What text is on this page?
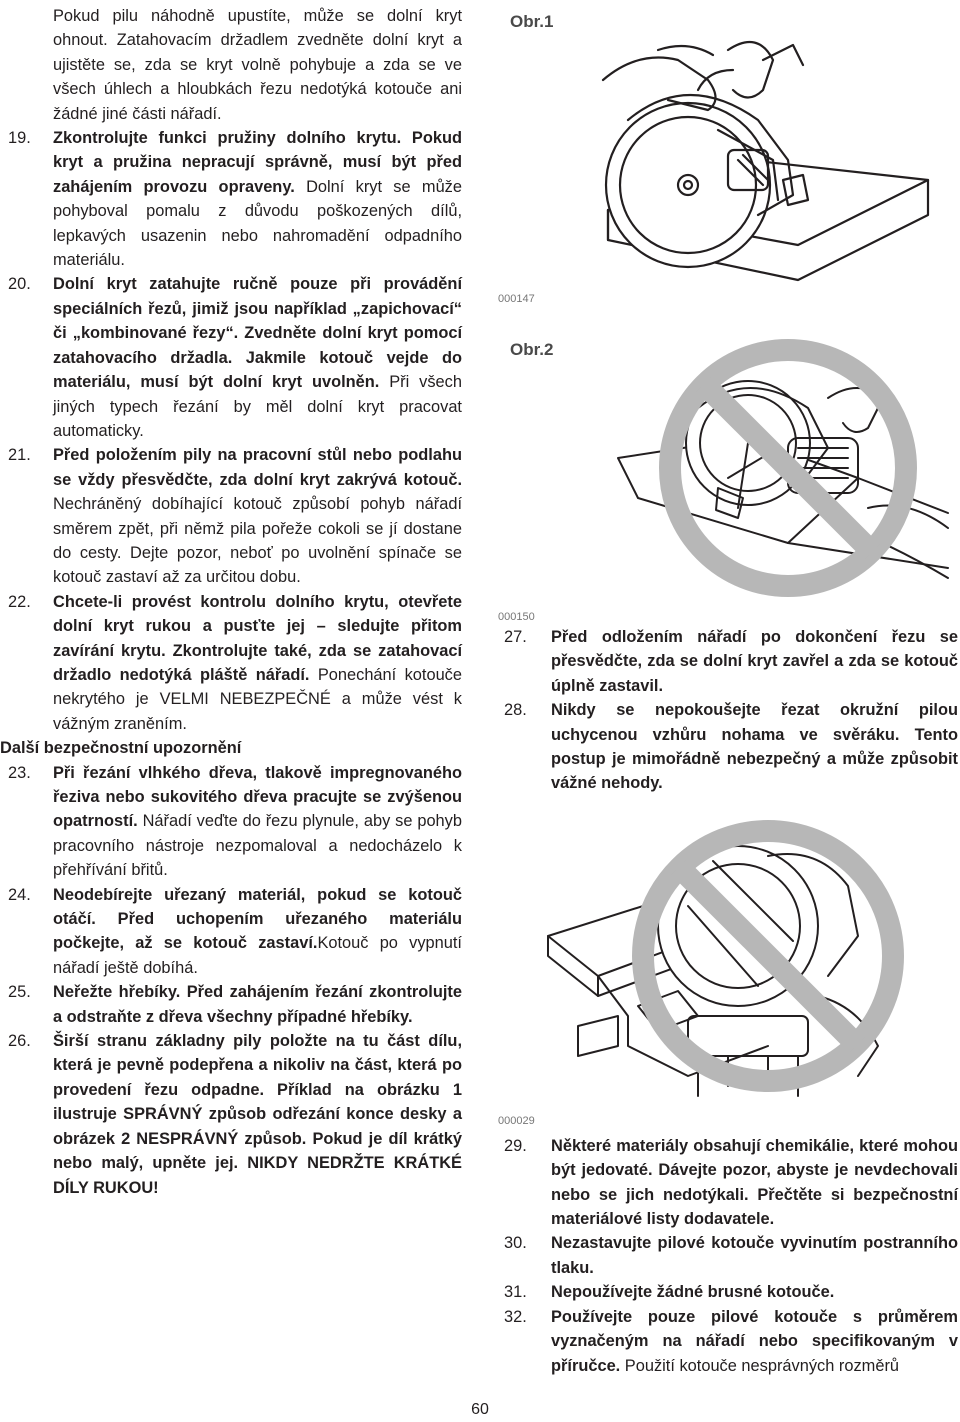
Pokud pilu náhodně upustíte, může se dolní kryt ohnout. Zatahovacím držadlem zvedněte dolní kryt a ujistěte se, zda se kryt volně pohybuje a zda se ve všech úhlech a hloubkách řezu nedotýká kotouče ani žádné jiné části nářadí.
19. Zkontrolujte funkci pružiny dolního krytu. Pokud kryt a pružina nepracují správně, musí být před zahájením provozu opraveny. Dolní kryt se může pohyboval pomalu z důvodu poškozených dílů, lepkavých usazenin nebo nahromadění odpadního materiálu.
20. Dolní kryt zatahujte ručně pouze při provádění speciálních řezů, jimiž jsou například „zapichovací“ či „kombinované řezy“. Zvedněte dolní kryt pomocí zatahovacího držadla. Jakmile kotouč vejde do materiálu, musí být dolní kryt uvolněn. Při všech jiných typech řezání by měl dolní kryt pracovat automaticky.
21. Před položením pily na pracovní stůl nebo podlahu se vždy přesvědčte, zda dolní kryt zakrývá kotouč. Nechráněný dobíhající kotouč způsobí pohyb nářadí směrem zpět, při němž pila pořeže cokoli se jí dostane do cesty. Dejte pozor, neboť po uvolnění spínače se kotouč zastaví až za určitou dobu.
22. Chcete-li provést kontrolu dolního krytu, otevřete dolní kryt rukou a pusťte jej – sledujte přitom zavírání krytu. Zkontrolujte také, zda se zatahovací držadlo nedotýká pláště nářadí. Ponechání kotouče nekrytého je VELMI NEBEZPEČNÉ a může vést k vážným zraněním.
Další bezpečnostní upozornění
23. Při řezání vlhkého dřeva, tlakově impregnovaného řeziva nebo sukovitého dřeva pracujte se zvýšenou opatrností. Nářadí veďte do řezu plynule, aby se pohyb pracovního nástroje nezpomaloval a nedocházelo k přehřívání břitů.
24. Neodebírejte uřezaný materiál, pokud se kotouč otáčí. Před uchopením uřezaného materiálu počkejte, až se kotouč zastaví.Kotouč po vypnutí nářadí ještě dobíhá.
25. Neřežte hřebíky. Před zahájením řezání zkontrolujte a odstraňte z dřeva všechny případné hřebíky.
26. Širší stranu základny pily položte na tu část dílu, která je pevně podepřena a nikoliv na část, která po provedení řezu odpadne. Příklad na obrázku 1 ilustruje SPRÁVNÝ způsob odřezání konce desky a obrázek 2 NESPRÁVNÝ způsob. Pokud je díl krátký nebo malý, upněte jej. NIKDY NEDRŽTE KRÁTKÉ DÍLY RUKOU!
Obr.1
000147
Obr.2
000150
27. Před odložením nářadí po dokončení řezu se přesvědčte, zda se dolní kryt zavřel a zda se kotouč úplně zastavil.
28. Nikdy se nepokoušejte řezat okružní pilou uchycenou vzhůru nohama ve svěráku. Tento postup je mimořádně nebezpečný a může způsobit vážné nehody.
000029
29. Některé materiály obsahují chemikálie, které mohou být jedovaté. Dávejte pozor, abyste je nevdechovali nebo se jich nedotýkali. Přečtěte si bezpečnostní materiálové listy dodavatele.
30. Nezastavujte pilové kotouče vyvinutím postranního tlaku.
31. Nepoužívejte žádné brusné kotouče.
32. Používejte pouze pilové kotouče s průměrem vyznačeným na nářadí nebo specifikovaným v příručce. Použití kotouče nesprávných rozměrů
60
